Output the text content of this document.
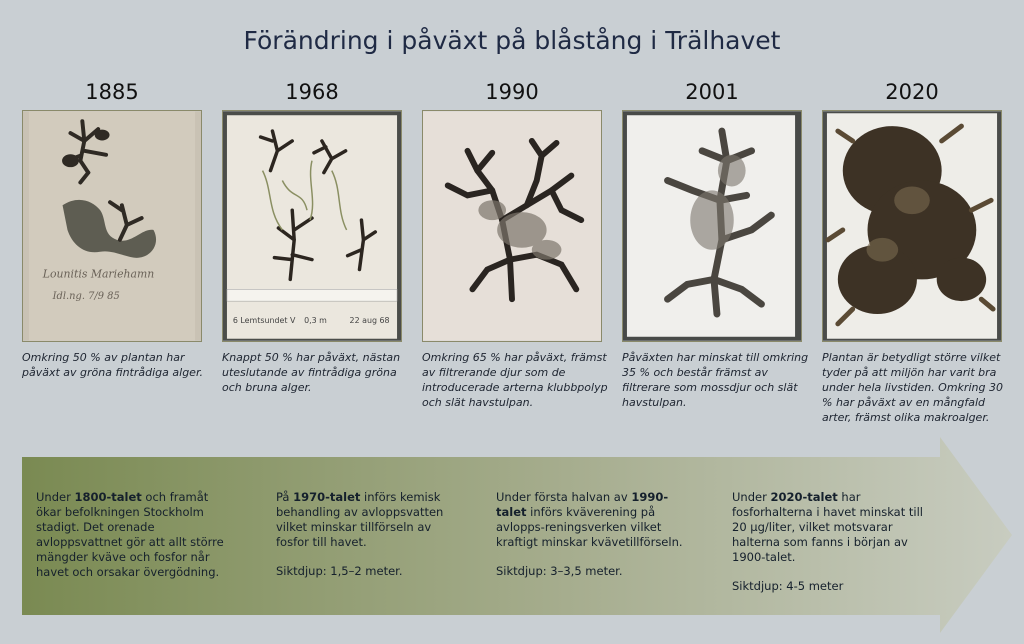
Förändring i påväxt på blåstång i Trälhavet
1885
Lounitis Mariehamn
Idl.ng. 7/9 85
Omkring 50 % av plantan har påväxt av gröna fintrådiga alger.
1968
6 Lemtsundet V 0,3 m	22 aug 68
Knappt 50 % har påväxt, nästan uteslutande av fintrådiga gröna och bruna alger.
1990
Omkring 65 % har påväxt, främst av filtrerande djur som de introducerade arterna klubbpolyp och slät havstulpan.
2001
Påväxten har minskat till omkring 35 % och består främst av filtrerare som mossdjur och slät havstulpan.
2020
Plantan är betydligt större vilket tyder på att miljön har varit bra under hela livstiden. Omkring 30 % har påväxt av en mångfald arter, främst olika makroalger.

Under 1800-talet och framåt ökar befolkningen Stockholm stadigt. Det orenade avloppsvattnet gör att allt större mängder kväve och fosfor når havet och orsakar övergödning.

På 1970-talet införs kemisk behandling av avloppsvatten vilket minskar tillförseln av fosfor till havet.

Siktdjup: 1,5–2 meter.

Under första halvan av 1990-talet införs kväverening på avlopps-reningsverken vilket kraftigt minskar kvävetillförseln.

Siktdjup: 3–3,5 meter.

Under 2020-talet har fosforhalterna i havet minskat till 20 µg/liter, vilket motsvarar halterna som fanns i början av 1900-talet.

Siktdjup: 4-5 meter
